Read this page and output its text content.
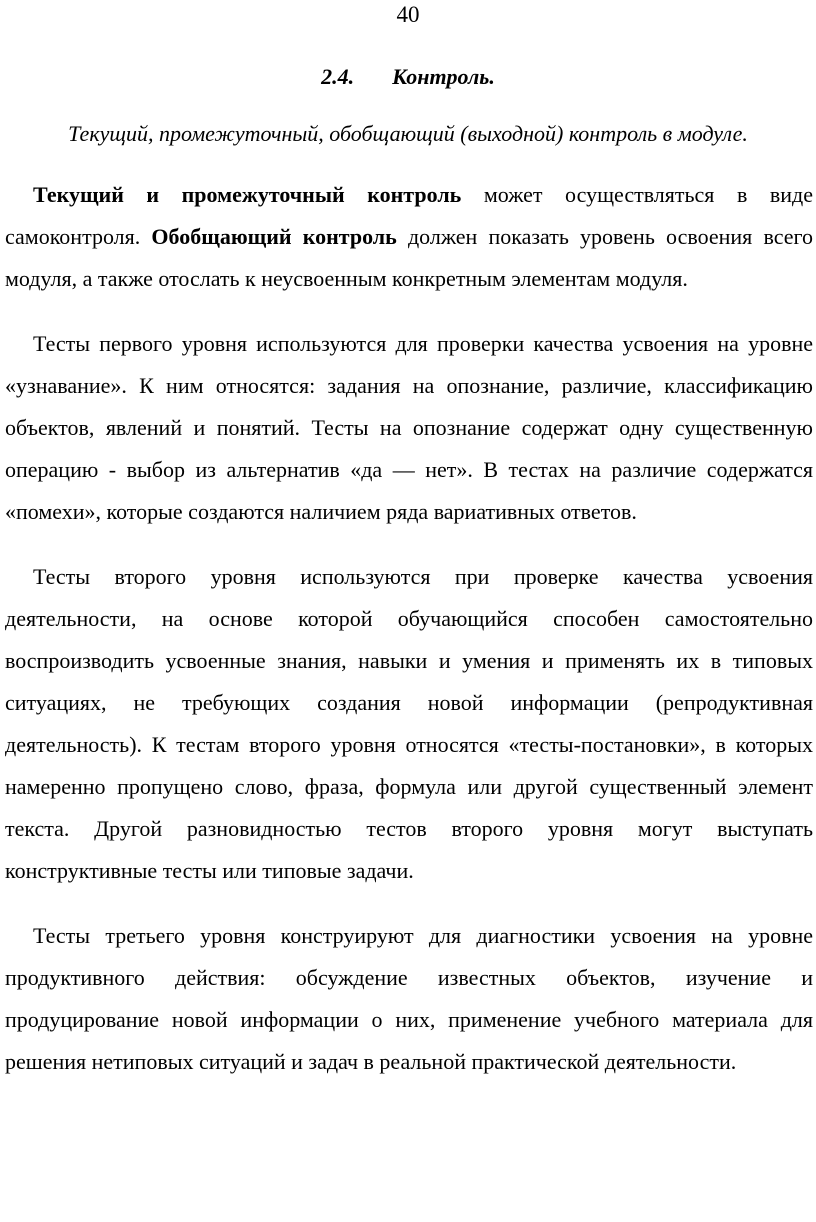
40
2.4. Контроль.
Текущий, промежуточный, обобщающий (выходной) контроль в модуле.

Текущий и промежуточный контроль может осуществляться в виде самоконтроля. Обобщающий контроль должен показать уровень освоения всего модуля, а также отослать к неусвоенным конкретным элементам модуля.

Тесты первого уровня используются для проверки качества усвоения на уровне «узнавание». К ним относятся: задания на опознание, различие, классификацию объектов, явлений и понятий. Тесты на опознание содержат одну существенную операцию - выбор из альтернатив «да — нет». В тестах на различие содержатся «помехи», которые создаются наличием ряда вариативных ответов.

Тесты второго уровня используются при проверке качества усвоения деятельности, на основе которой обучающийся способен самостоятельно воспроизводить усвоенные знания, навыки и умения и применять их в типовых ситуациях, не требующих создания новой информации (репродуктивная деятельность). К тестам второго уровня относятся «тесты-постановки», в которых намеренно пропущено слово, фраза, формула или другой существенный элемент текста. Другой разновидностью тестов второго уровня могут выступать конструктивные тесты или типовые задачи.

Тесты третьего уровня конструируют для диагностики усвоения на уровне продуктивного действия: обсуждение известных объектов, изучение и продуцирование новой информации о них, применение учебного материала для решения нетиповых ситуаций и задач в реальной практической деятельности.
